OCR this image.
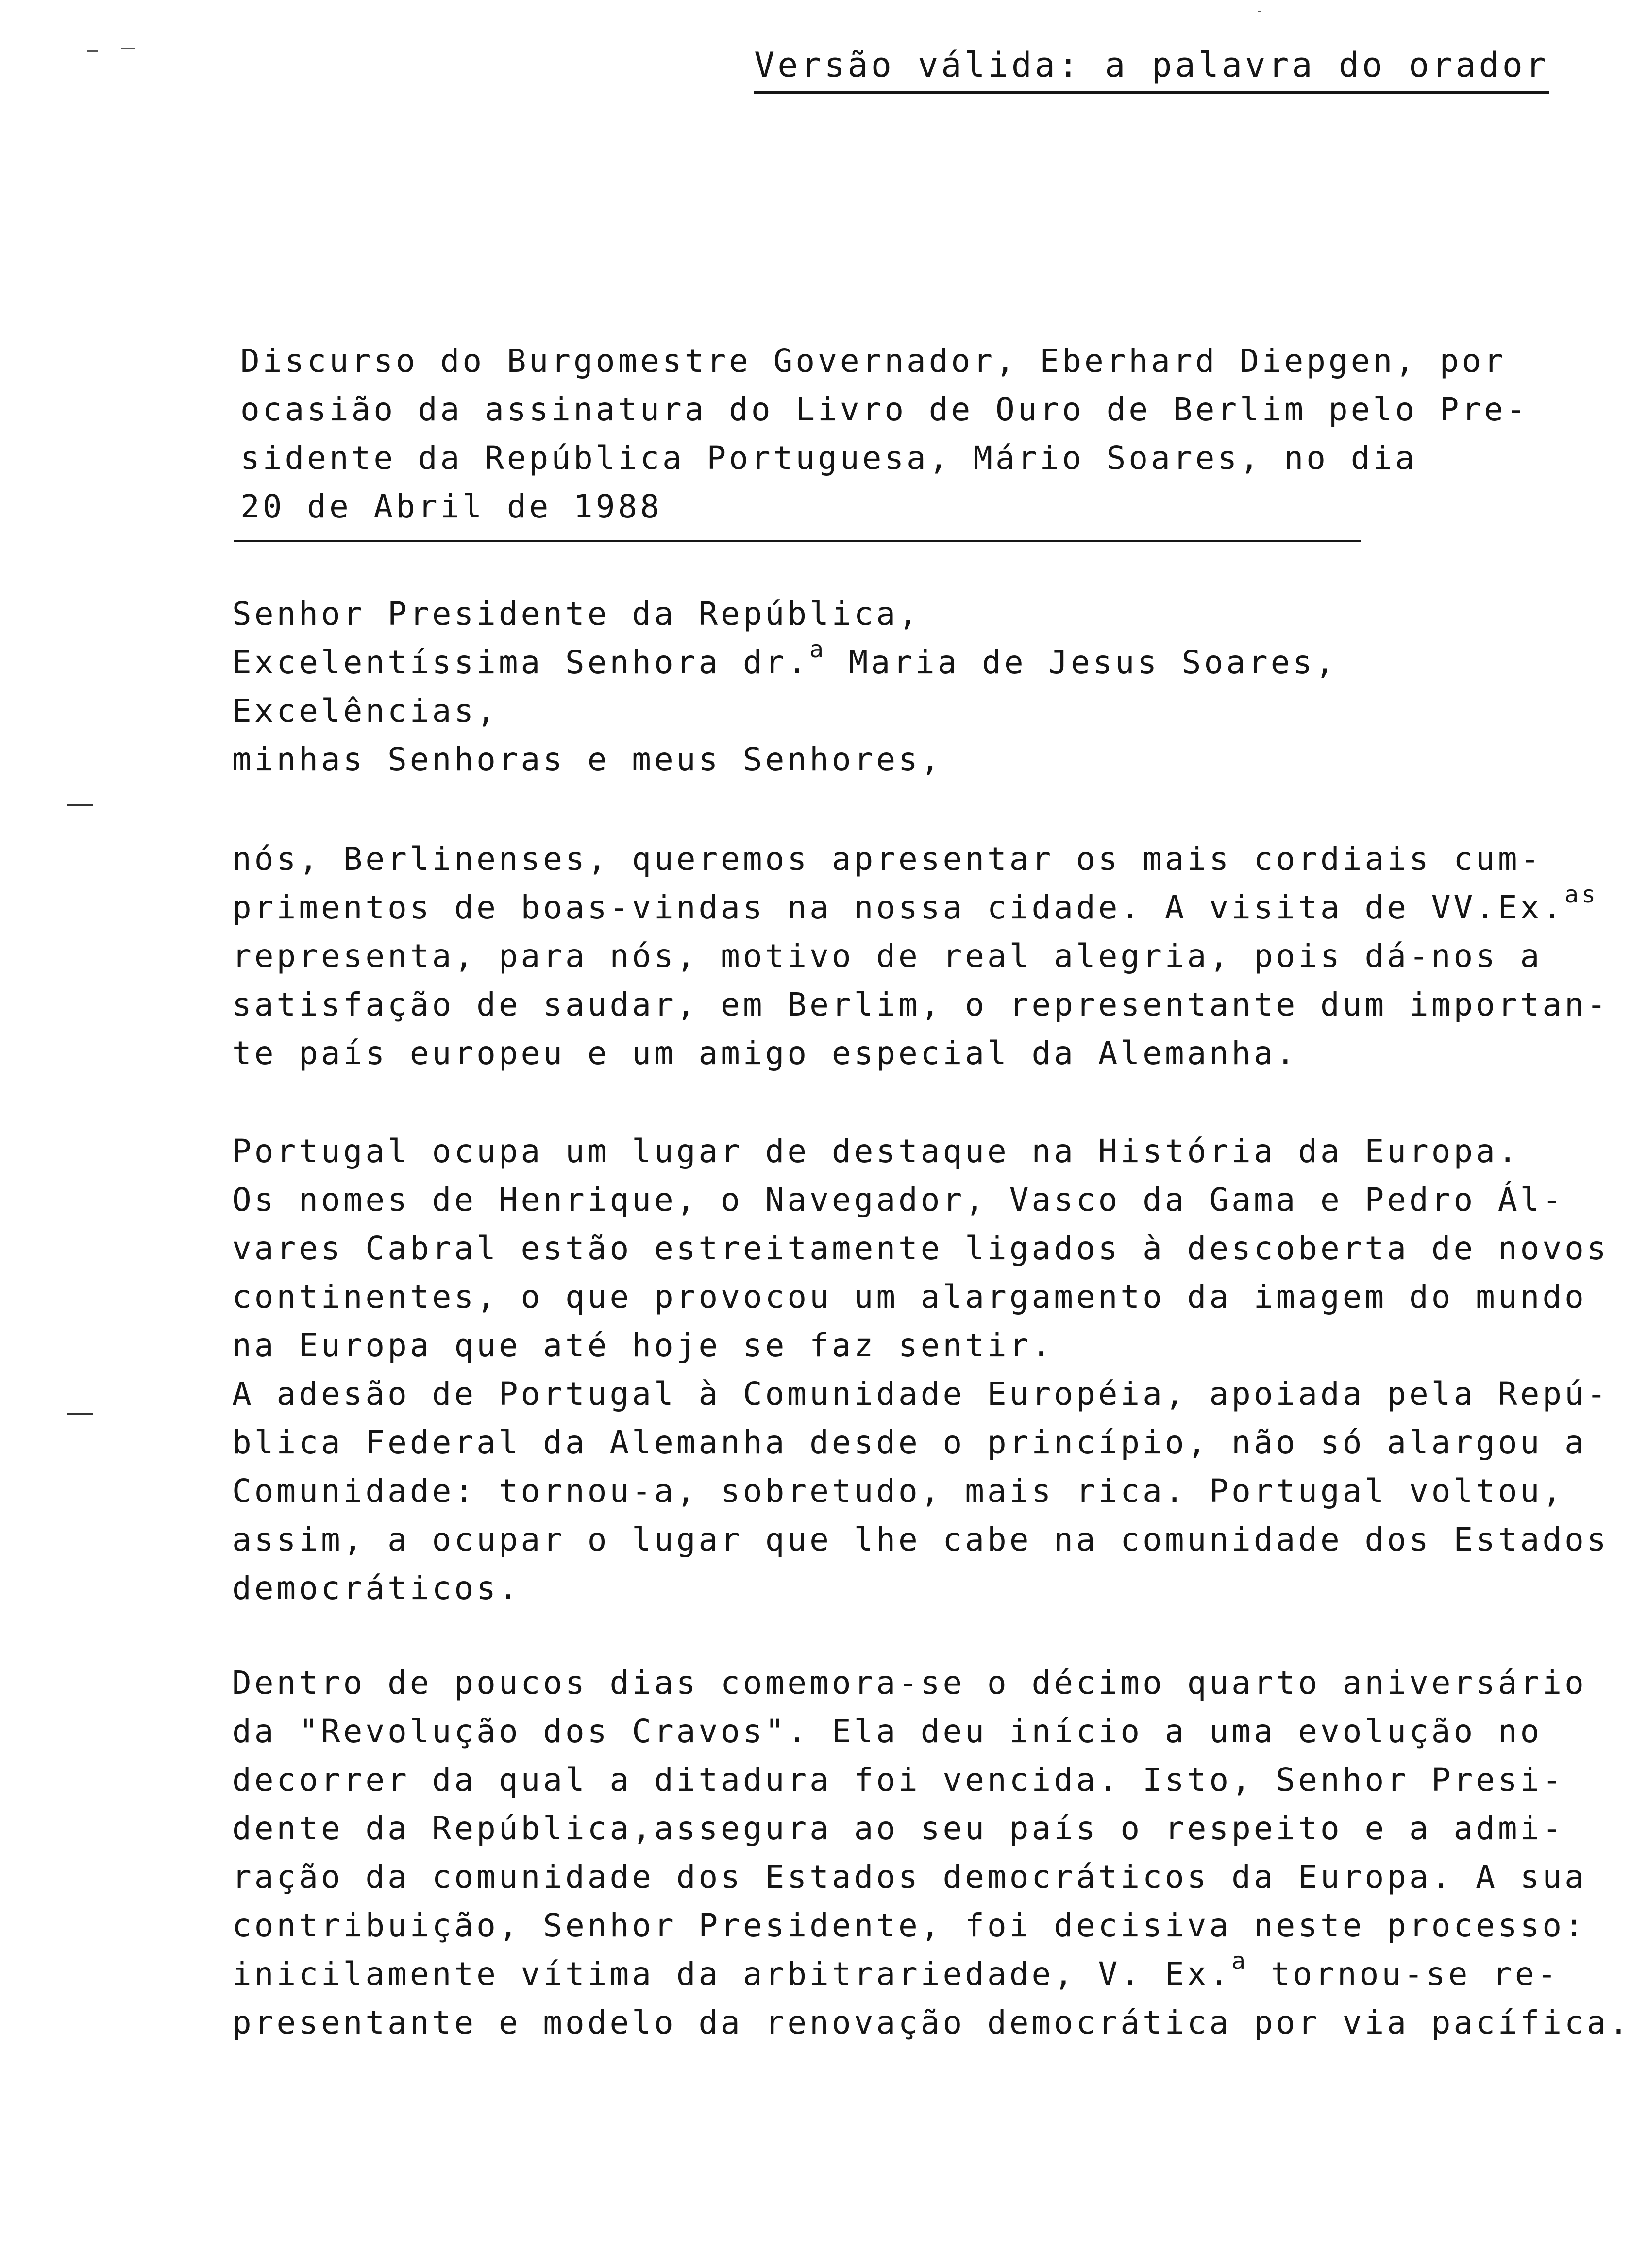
Versão válida: a palavra do orador
Discurso do Burgomestre Governador, Eberhard Diepgen, por
ocasião da assinatura do Livro de Ouro de Berlim pelo Pre-
sidente da República Portuguesa, Mário Soares, no dia
20 de Abril de 1988
Senhor Presidente da República,
Excelentíssima Senhora dr.$^a$ Maria de Jesus Soares,
Excelências,
minhas Senhoras e meus Senhores,
nós, Berlinenses, queremos apresentar os mais cordiais cum-
primentos de boas-vindas na nossa cidade. A visita de VV.Ex.$^{as}$
representa, para nós, motivo de real alegria, pois dá-nos a
satisfação de saudar, em Berlim, o representante dum importan-
te país europeu e um amigo especial da Alemanha.
Portugal ocupa um lugar de destaque na História da Europa.
Os nomes de Henrique, o Navegador, Vasco da Gama e Pedro Ál-
vares Cabral estão estreitamente ligados à descoberta de novos
continentes, o que provocou um alargamento da imagem do mundo
na Europa que até hoje se faz sentir.
A adesão de Portugal à Comunidade Européia, apoiada pela Repú-
blica Federal da Alemanha desde o princípio, não só alargou a
Comunidade: tornou-a, sobretudo, mais rica. Portugal voltou,
assim, a ocupar o lugar que lhe cabe na comunidade dos Estados
democráticos.
Dentro de poucos dias comemora-se o décimo quarto aniversário
da "Revolução dos Cravos". Ela deu início a uma evolução no
decorrer da qual a ditadura foi vencida. Isto, Senhor Presi-
dente da República,assegura ao seu país o respeito e a admi-
ração da comunidade dos Estados democráticos da Europa. A sua
contribuição, Senhor Presidente, foi decisiva neste processo:
inicilamente vítima da arbitrariedade, V. Ex.$^a$ tornou-se re-
presentante e modelo da renovação democrática por via pacífica.
